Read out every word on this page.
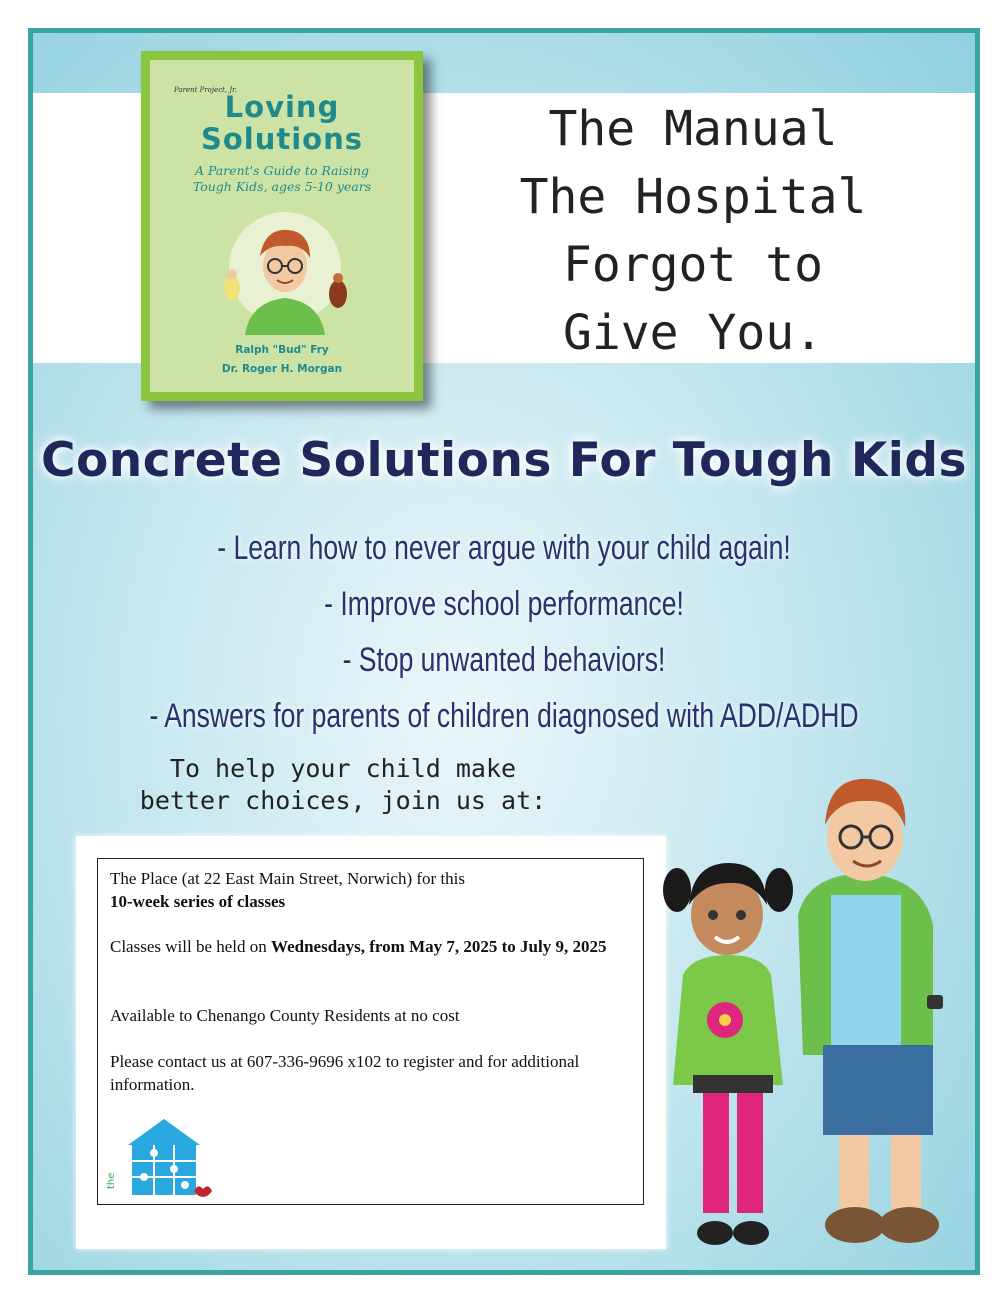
Parent Project, Jr.
Loving
Solutions
A Parent's Guide to Raising
Tough Kids, ages 5-10 years
Ralph "Bud" Fry
Dr. Roger H. Morgan
The Manual
The Hospital
Forgot to
Give You.
Concrete Solutions For Tough Kids
- Learn how to never argue with your child again!
- Improve school performance!
- Stop unwanted behaviors!
- Answers for parents of children diagnosed with ADD/ADHD
To help your child make
better choices, join us at:
The Place (at 22 East Main Street, Norwich) for this
10-week series of classes
Classes will be held on Wednesdays, from May 7, 2025 to July 9, 2025
Available to Chenango County Residents at no cost
Please contact us at 607-336-9696 x102 to register and for additional information.
the
